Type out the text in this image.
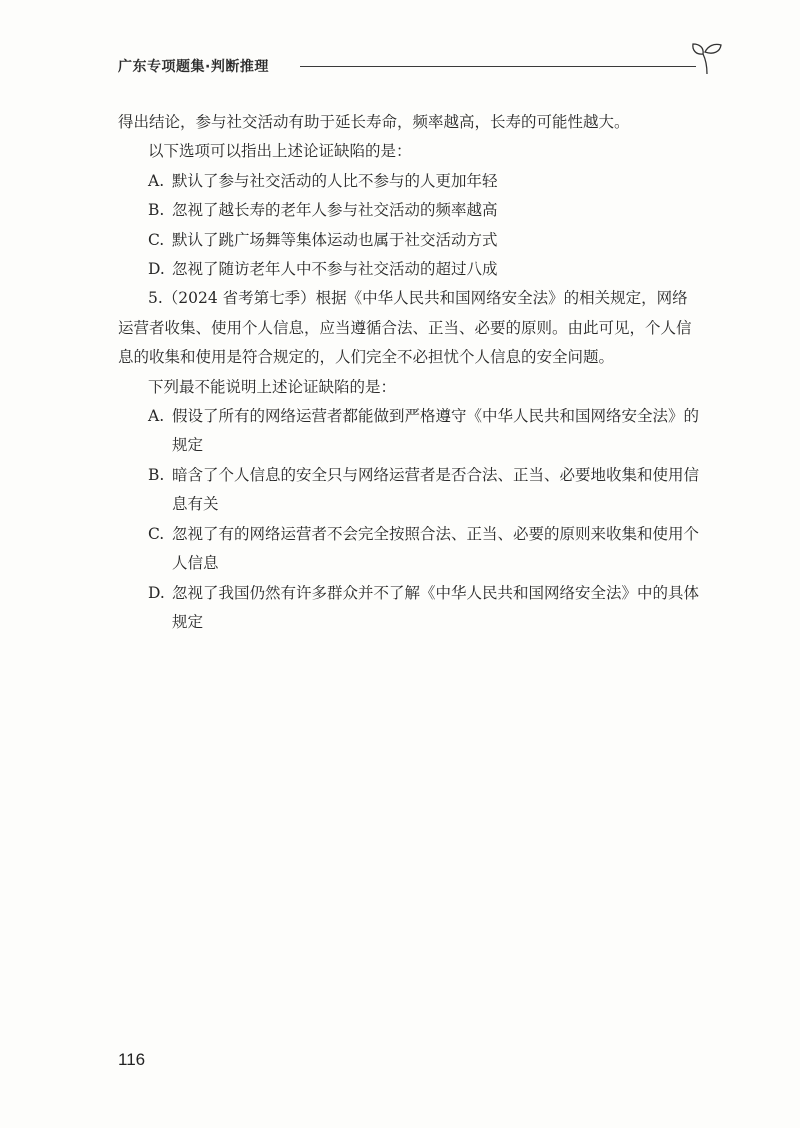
广东专项题集·判断推理

得出结论，参与社交活动有助于延长寿命，频率越高，长寿的可能性越大。

以下选项可以指出上述论证缺陷的是：

A. 默认了参与社交活动的人比不参与的人更加年轻

B. 忽视了越长寿的老年人参与社交活动的频率越高

C. 默认了跳广场舞等集体运动也属于社交活动方式

D. 忽视了随访老年人中不参与社交活动的超过八成

5.（2024 省考第七季）根据《中华人民共和国网络安全法》的相关规定，网络

运营者收集、使用个人信息，应当遵循合法、正当、必要的原则。由此可见，个人信

息的收集和使用是符合规定的，人们完全不必担忧个人信息的安全问题。

下列最不能说明上述论证缺陷的是：

A. 假设了所有的网络运营者都能做到严格遵守《中华人民共和国网络安全法》的

规定

B. 暗含了个人信息的安全只与网络运营者是否合法、正当、必要地收集和使用信

息有关

C. 忽视了有的网络运营者不会完全按照合法、正当、必要的原则来收集和使用个

人信息

D. 忽视了我国仍然有许多群众并不了解《中华人民共和国网络安全法》中的具体

规定

116
